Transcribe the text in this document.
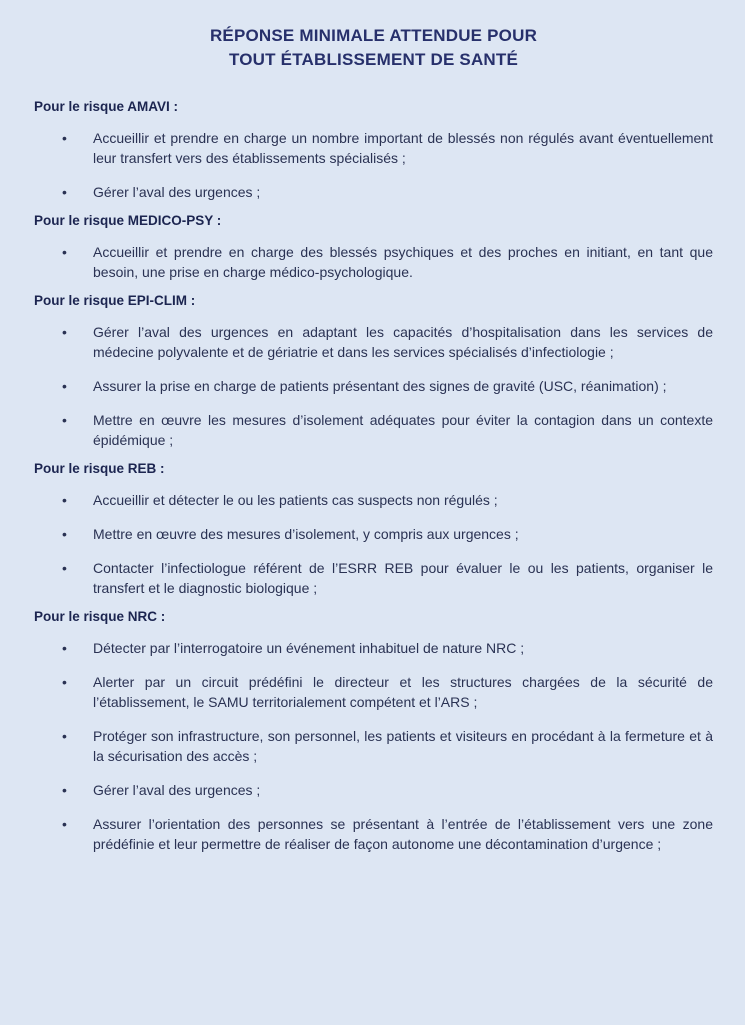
RÉPONSE MINIMALE ATTENDUE POUR
TOUT ÉTABLISSEMENT DE SANTÉ

Pour le risque AMAVI :

• Accueillir et prendre en charge un nombre important de blessés non régulés avant éventuellement leur transfert vers des établissements spécialisés ;
• Gérer l’aval des urgences ;

Pour le risque MEDICO-PSY :

• Accueillir et prendre en charge des blessés psychiques et des proches en initiant, en tant que besoin, une prise en charge médico-psychologique.

Pour le risque EPI-CLIM :

• Gérer l’aval des urgences en adaptant les capacités d’hospitalisation dans les services de médecine polyvalente et de gériatrie et dans les services spécialisés d’infectiologie ;
• Assurer la prise en charge de patients présentant des signes de gravité (USC, réanimation) ;
• Mettre en œuvre les mesures d’isolement adéquates pour éviter la contagion dans un contexte épidémique ;

Pour le risque REB :

• Accueillir et détecter le ou les patients cas suspects non régulés ;
• Mettre en œuvre des mesures d’isolement, y compris aux urgences ;
• Contacter l’infectiologue référent de l’ESRR REB pour évaluer le ou les patients, organiser le transfert et le diagnostic biologique ;

Pour le risque NRC :

• Détecter par l’interrogatoire un événement inhabituel de nature NRC ;
• Alerter par un circuit prédéfini le directeur et les structures chargées de la sécurité de l’établissement, le SAMU territorialement compétent et l’ARS ;
• Protéger son infrastructure, son personnel, les patients et visiteurs en procédant à la fermeture et à la sécurisation des accès ;
• Gérer l’aval des urgences ;
• Assurer l’orientation des personnes se présentant à l’entrée de l’établissement vers une zone prédéfinie et leur permettre de réaliser de façon autonome une décontamination d’urgence ;
